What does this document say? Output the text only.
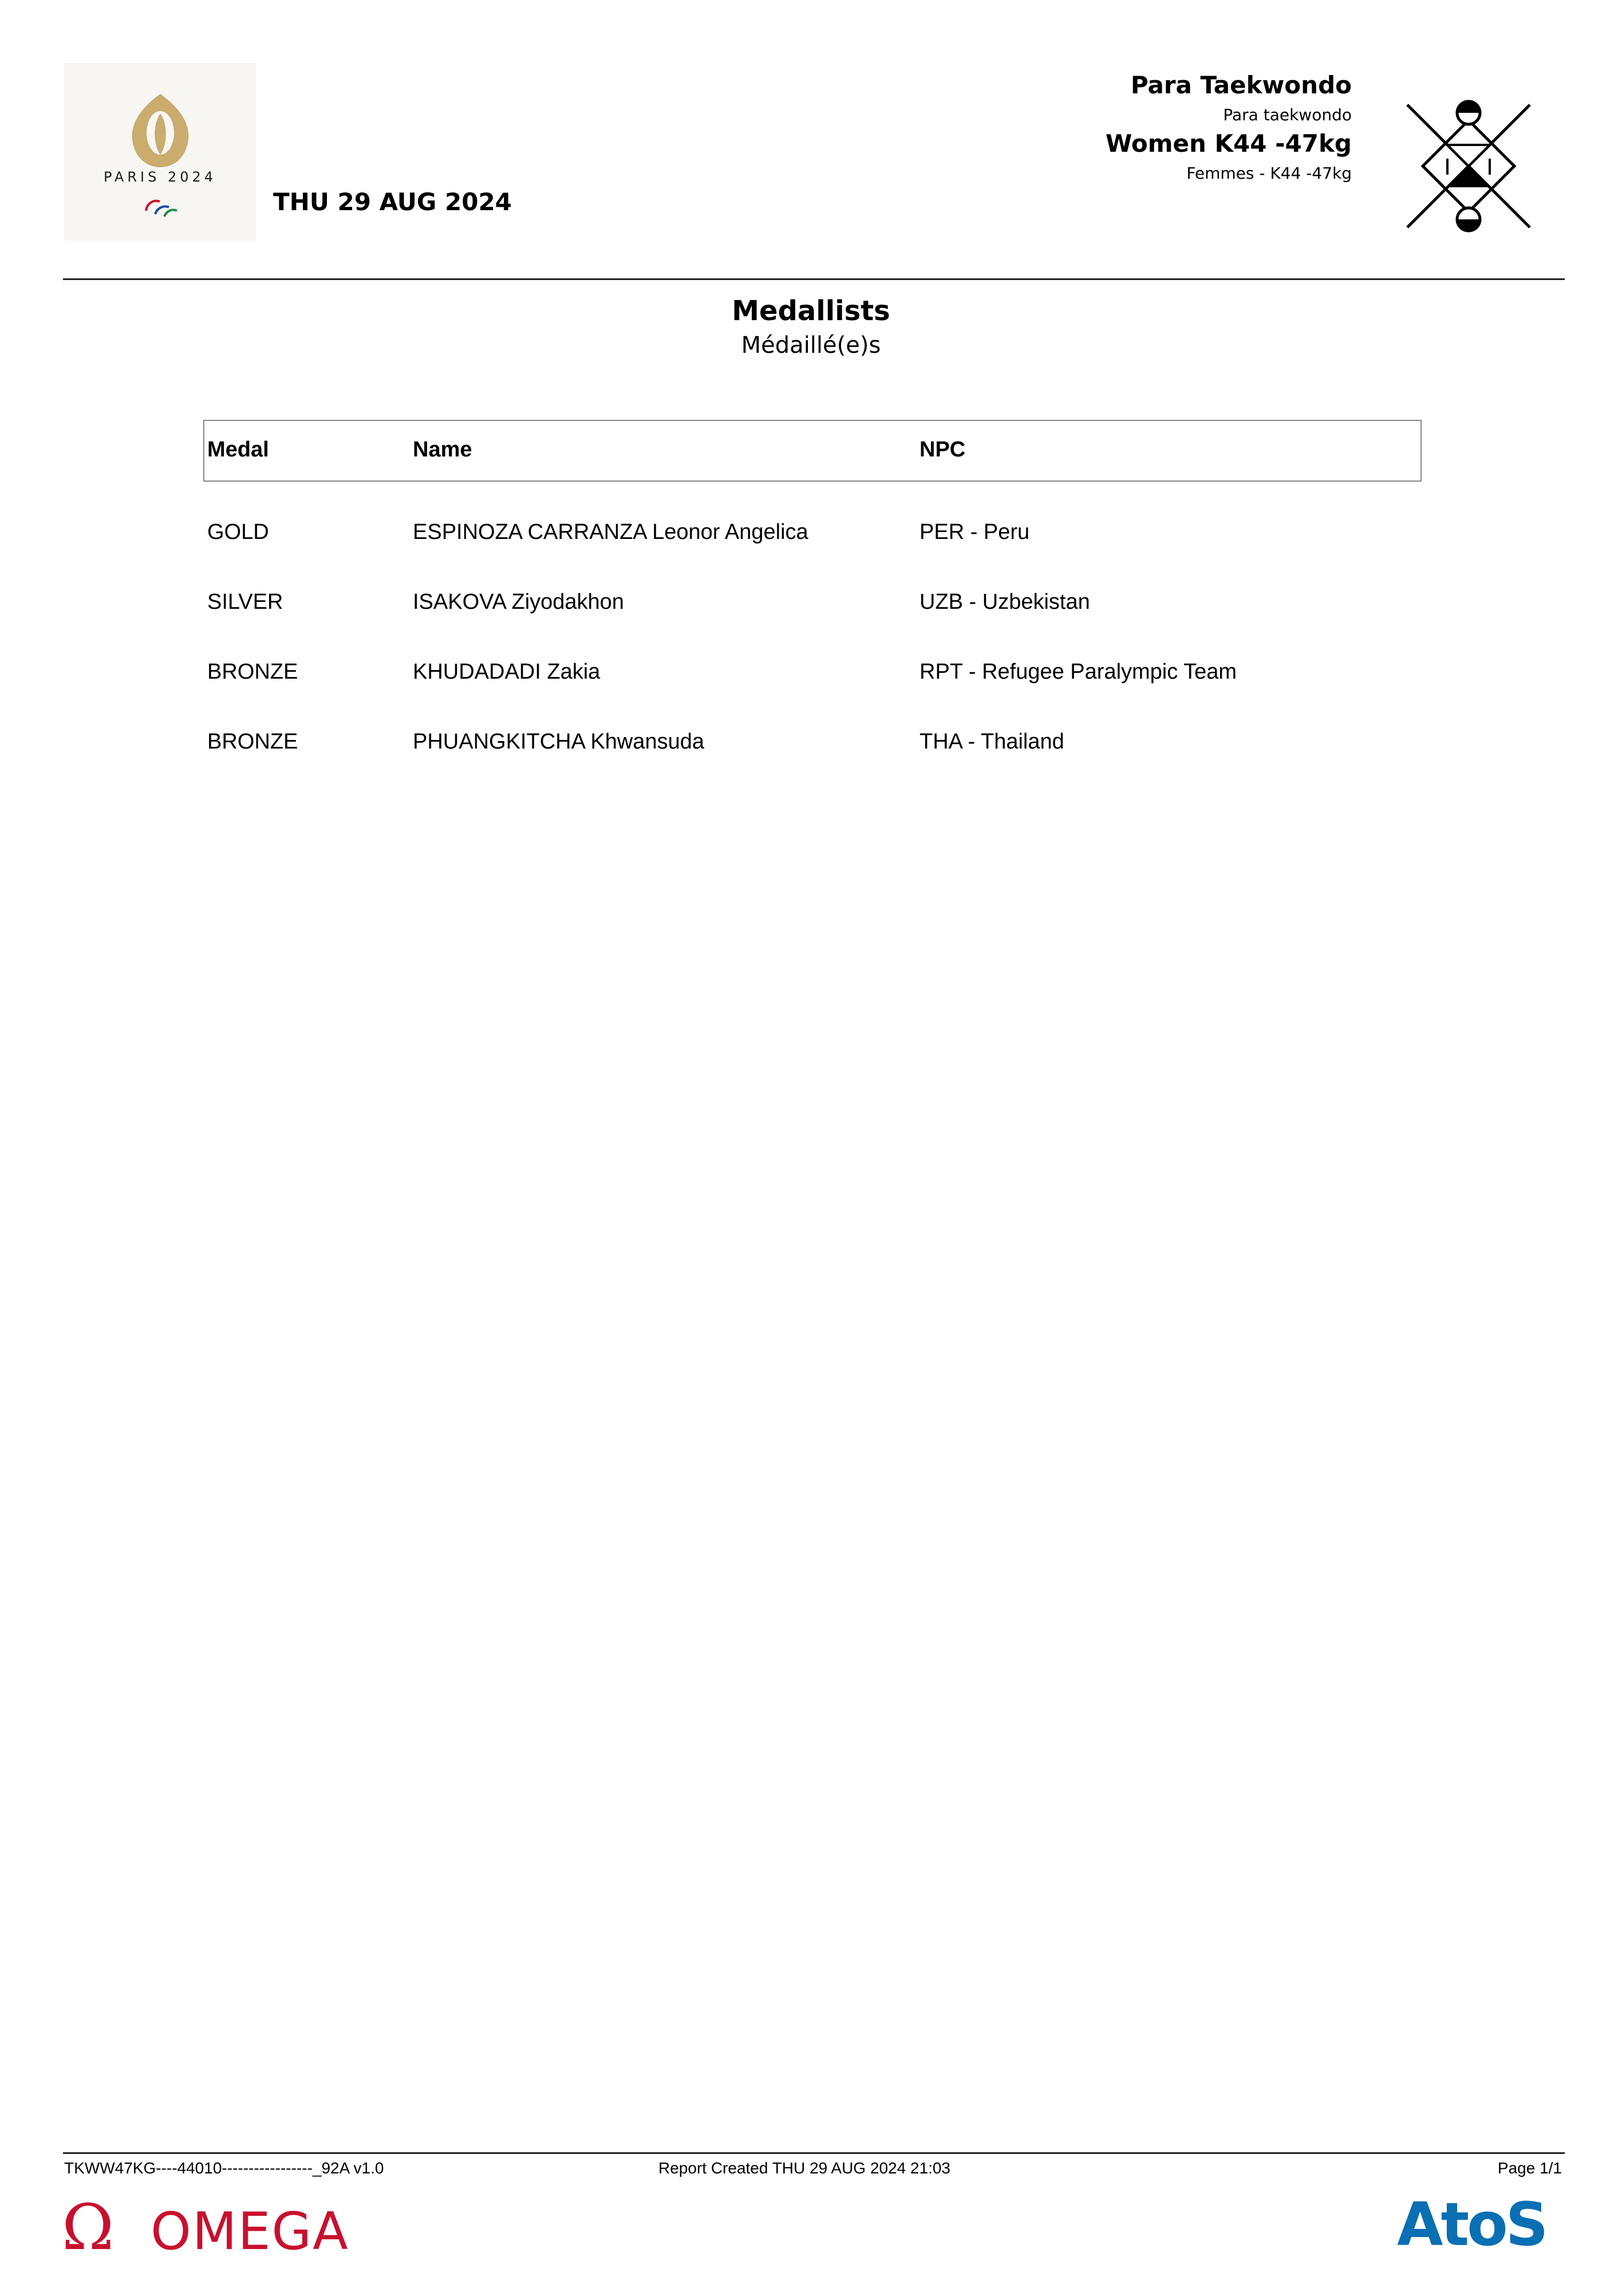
PARIS 2024
THU 29 AUG 2024
Para Taekwondo
Para taekwondo
Women K44 -47kg
Femmes - K44 -47kg
Medallists
Médaillé(e)s
Medal	Name	NPC
GOLD	ESPINOZA CARRANZA Leonor Angelica	PER - Peru
SILVER	ISAKOVA Ziyodakhon	UZB - Uzbekistan
BRONZE	KHUDADADI Zakia	RPT - Refugee Paralympic Team
BRONZE	PHUANGKITCHA Khwansuda	THA - Thailand
TKWW47KG----44010-----------------_92A v1.0	Report Created THU 29 AUG 2024 21:03	Page 1/1
Ω OMEGA	AtoS
